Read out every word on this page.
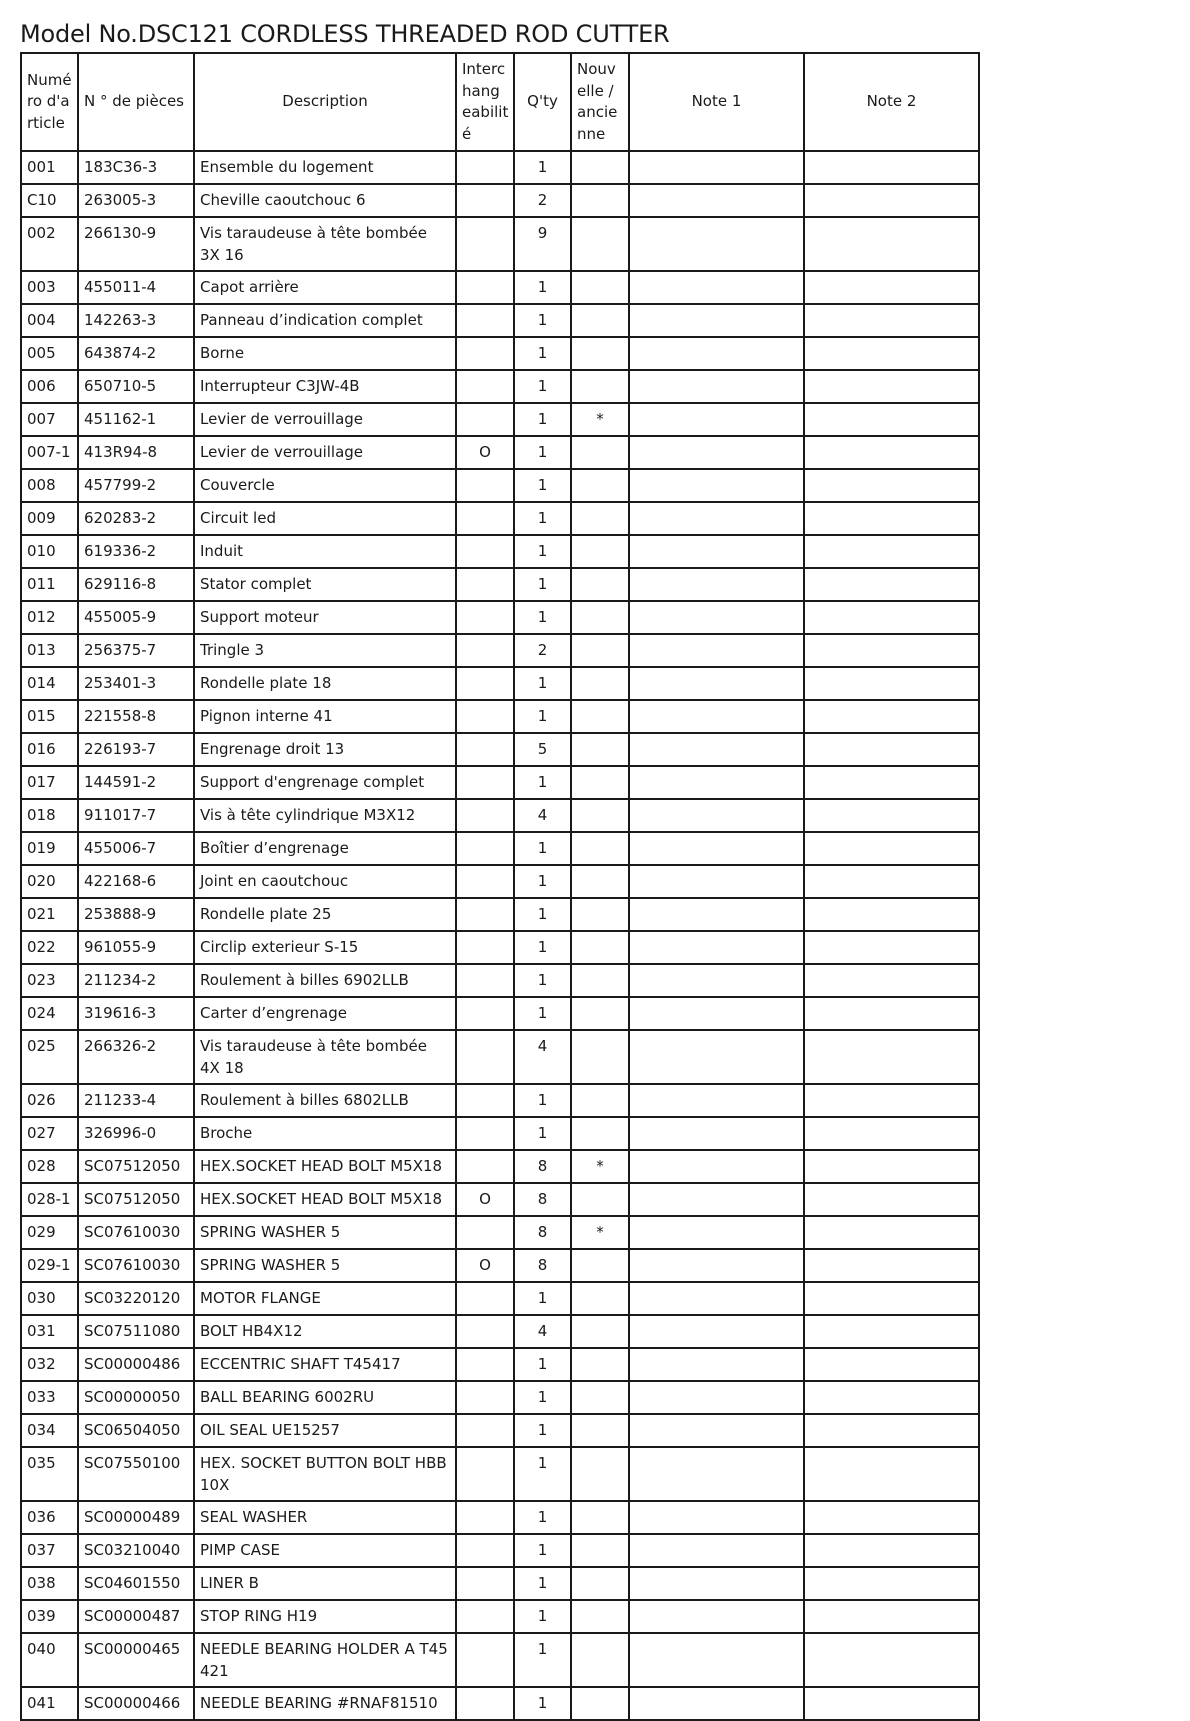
Model No.DSC121 CORDLESS THREADED ROD CUTTER
Numé ro d'a rticle	N ° de pièces	Description	Interc hang eabilit é	Q'ty	Nouv elle / ancie nne	Note 1	Note 2
001	183C36-3	Ensemble du logement		1			
C10	263005-3	Cheville caoutchouc 6		2			
002	266130-9	Vis taraudeuse à tête bombée 3X 16		9			
003	455011-4	Capot arrière		1			
004	142263-3	Panneau d’indication complet		1			
005	643874-2	Borne		1			
006	650710-5	Interrupteur C3JW-4B		1			
007	451162-1	Levier de verrouillage		1	*		
007-1	413R94-8	Levier de verrouillage	O	1			
008	457799-2	Couvercle		1			
009	620283-2	Circuit led		1			
010	619336-2	Induit		1			
011	629116-8	Stator complet		1			
012	455005-9	Support moteur		1			
013	256375-7	Tringle 3		2			
014	253401-3	Rondelle plate 18		1			
015	221558-8	Pignon interne 41		1			
016	226193-7	Engrenage droit 13		5			
017	144591-2	Support d'engrenage complet		1			
018	911017-7	Vis à tête cylindrique M3X12		4			
019	455006-7	Boîtier d’engrenage		1			
020	422168-6	Joint en caoutchouc		1			
021	253888-9	Rondelle plate 25		1			
022	961055-9	Circlip exterieur S-15		1			
023	211234-2	Roulement à billes 6902LLB		1			
024	319616-3	Carter d’engrenage		1			
025	266326-2	Vis taraudeuse à tête bombée 4X 18		4			
026	211233-4	Roulement à billes 6802LLB		1			
027	326996-0	Broche		1			
028	SC07512050	HEX.SOCKET HEAD BOLT M5X18		8	*		
028-1	SC07512050	HEX.SOCKET HEAD BOLT M5X18	O	8			
029	SC07610030	SPRING WASHER 5		8	*		
029-1	SC07610030	SPRING WASHER 5	O	8			
030	SC03220120	MOTOR FLANGE		1			
031	SC07511080	BOLT HB4X12		4			
032	SC00000486	ECCENTRIC SHAFT T45417		1			
033	SC00000050	BALL BEARING 6002RU		1			
034	SC06504050	OIL SEAL UE15257		1			
035	SC07550100	HEX. SOCKET BUTTON BOLT HBB 10X		1			
036	SC00000489	SEAL WASHER		1			
037	SC03210040	PIMP CASE		1			
038	SC04601550	LINER B		1			
039	SC00000487	STOP RING H19		1			
040	SC00000465	NEEDLE BEARING HOLDER A T45 421		1			
041	SC00000466	NEEDLE BEARING #RNAF81510		1			
